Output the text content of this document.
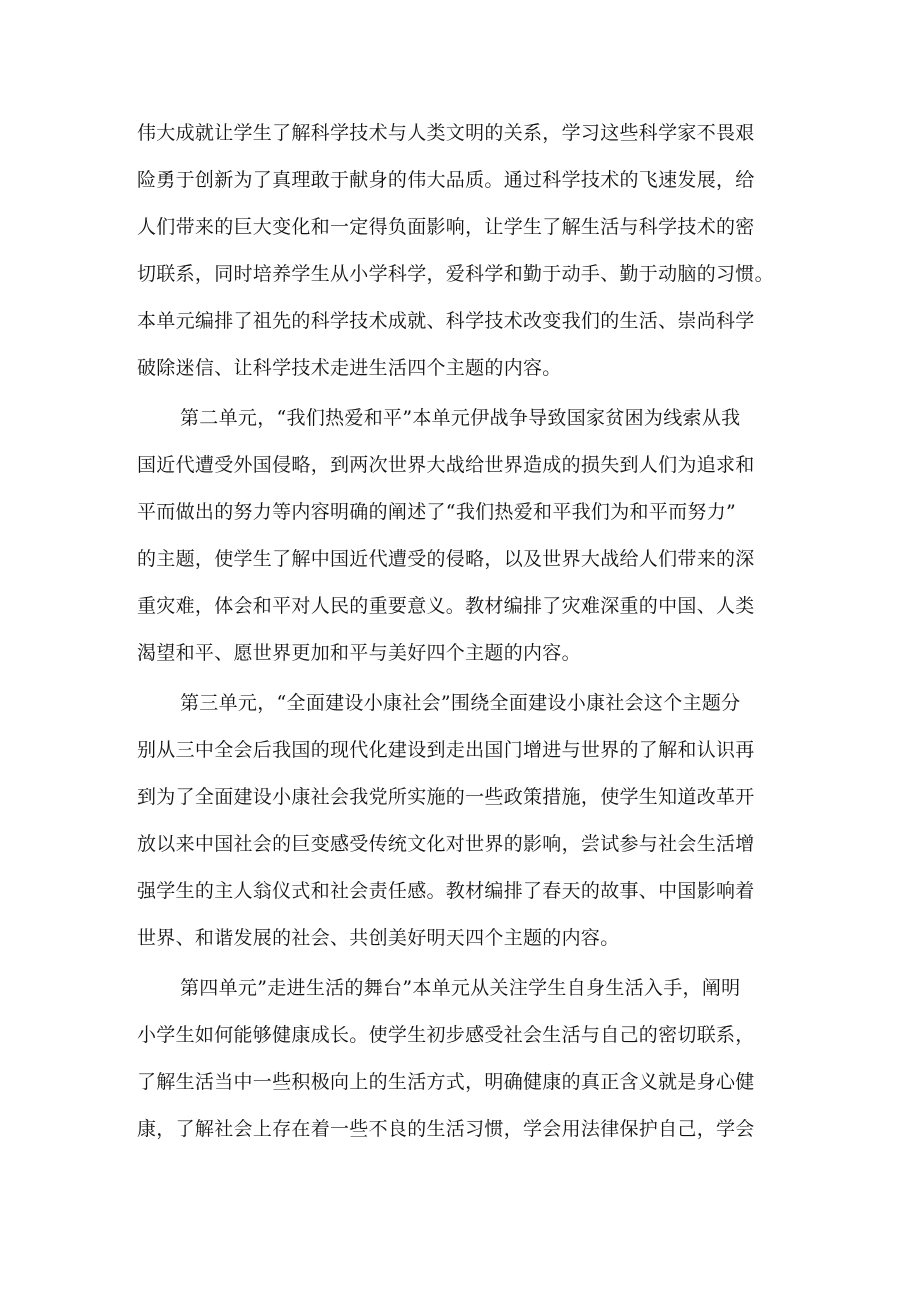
伟大成就让学生了解科学技术与人类文明的关系，学习这些科学家不畏艰
险勇于创新为了真理敢于献身的伟大品质。通过科学技术的飞速发展，给
人们带来的巨大变化和一定得负面影响，让学生了解生活与科学技术的密
切联系，同时培养学生从小学科学，爱科学和勤于动手、勤于动脑的习惯。
本单元编排了祖先的科学技术成就、科学技术改变我们的生活、崇尚科学
破除迷信、让科学技术走进生活四个主题的内容。
第二单元，“我们热爱和平”本单元伊战争导致国家贫困为线索从我
国近代遭受外国侵略，到两次世界大战给世界造成的损失到人们为追求和
平而做出的努力等内容明确的阐述了“我们热爱和平我们为和平而努力”
的主题，使学生了解中国近代遭受的侵略，以及世界大战给人们带来的深
重灾难，体会和平对人民的重要意义。教材编排了灾难深重的中国、人类
渴望和平、愿世界更加和平与美好四个主题的内容。
第三单元，“全面建设小康社会”围绕全面建设小康社会这个主题分
别从三中全会后我国的现代化建设到走出国门增进与世界的了解和认识再
到为了全面建设小康社会我党所实施的一些政策措施，使学生知道改革开
放以来中国社会的巨变感受传统文化对世界的影响，尝试参与社会生活增
强学生的主人翁仪式和社会责任感。教材编排了春天的故事、中国影响着
世界、和谐发展的社会、共创美好明天四个主题的内容。
第四单元”走进生活的舞台”本单元从关注学生自身生活入手，阐明
小学生如何能够健康成长。使学生初步感受社会生活与自己的密切联系，
了解生活当中一些积极向上的生活方式，明确健康的真正含义就是身心健
康，了解社会上存在着一些不良的生活习惯，学会用法律保护自己，学会
